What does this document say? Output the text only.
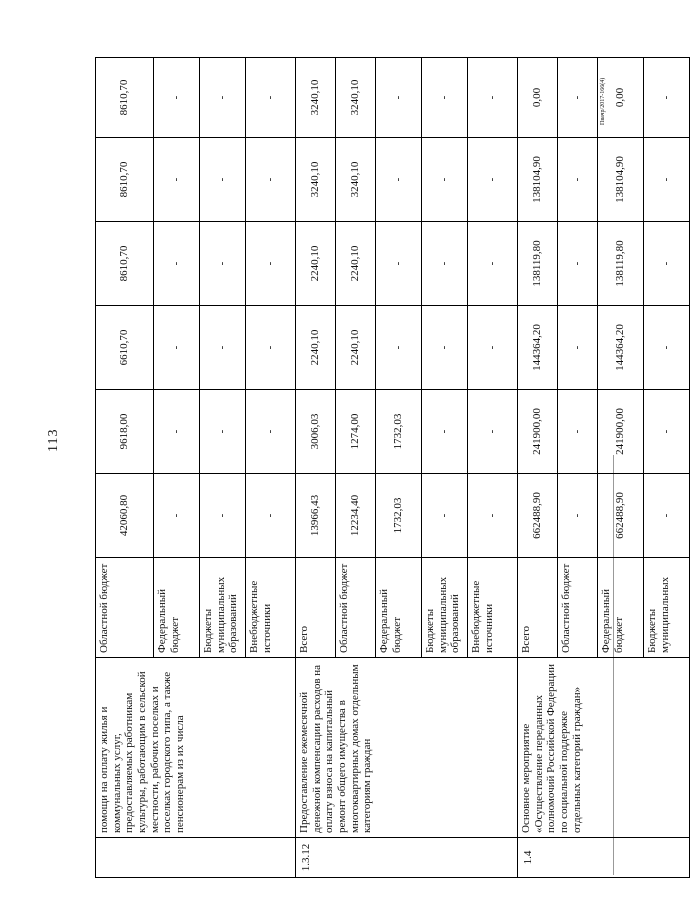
113
Пвачр/2017-166(4)
	помощи на оплату жилья и коммунальных услуг, предоставляемых работникам культуры, работающим в сельской местности, рабочих поселках и поселках городского типа, а также пенсионерам из их числа	Областной бюджет	42060,80	9618,00	6610,70	8610,70	8610,70	8610,70
		Федеральный бюджет	-	-	-	-	-	-
		Бюджеты муниципальных образований	-	-	-	-	-	-
		Внебюджетные источники	-	-	-	-	-	-
1.3.12	Предоставление ежемесячной денежной компенсации расходов на оплату взноса на капитальный ремонт общего имущества в многоквартирных домах отдельным категориям граждан	Всего	13966,43	3006,03	2240,10	2240,10	3240,10	3240,10
		Областной бюджет	12234,40	1274,00	2240,10	2240,10	3240,10	3240,10
		Федеральный бюджет	1732,03	1732,03	-	-	-	-
		Бюджеты муниципальных образований	-	-	-	-	-	-
		Внебюджетные источники	-	-	-	-	-	-
1.4	Основное мероприятие «Осуществление переданных полномочий Российской Федерации по социальной поддержке отдельных категорий граждан»	Всего	662488,90	241900,00	144364,20	138119,80	138104,90	0,00
		Областной бюджет	-	-	-	-	-	-
		Федеральный бюджет	662488,90	241900,00	144364,20	138119,80	138104,90	0,00
		Бюджеты муниципальных	-	-	-	-	-	-
